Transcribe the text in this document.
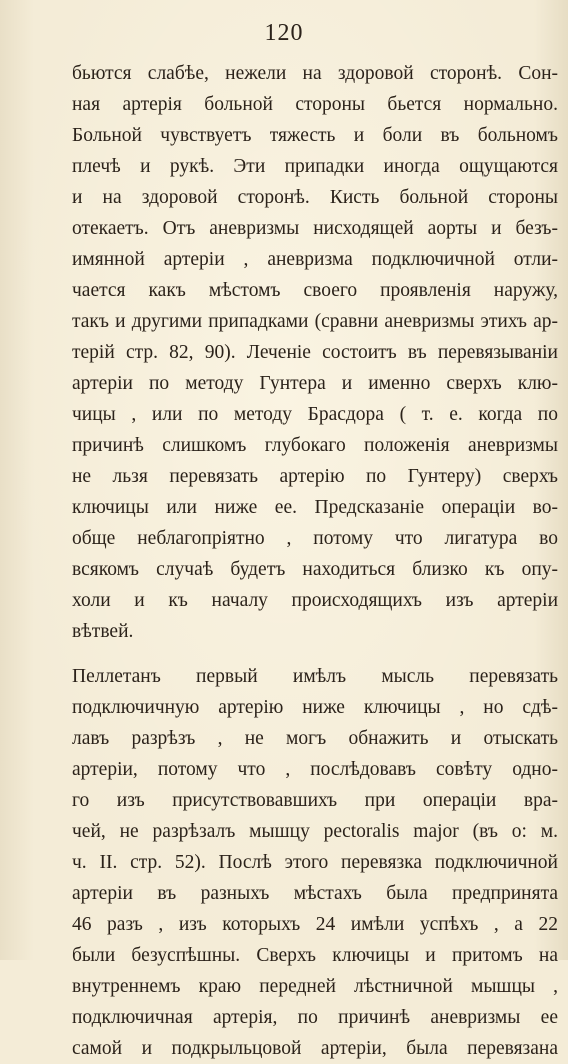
120
бьются слабѣе, нежели на здоровой сторонѣ. Сон-
ная артерія больной стороны бьется нормально.
Больной чувствуетъ тяжесть и боли въ больномъ
плечѣ и рукѣ. Эти припадки иногда ощущаются
и на здоровой сторонѣ. Кисть больной стороны
отекаетъ. Отъ аневризмы нисходящей аорты и безъ-
имянной артеріи , аневризма подключичной отли-
чается какъ мѣстомъ своего проявленія наружу,
такъ и другими припадками (сравни аневризмы этихъ ар-
терій стр. 82, 90). Леченіе состоитъ въ перевязываніи
артеріи по методу Гунтера и именно сверхъ клю-
чицы , или по методу Брасдора ( т. е. когда по
причинѣ слишкомъ глубокаго положенія аневризмы
не льзя перевязать артерію по Гунтеру) сверхъ
ключицы или ниже ее. Предсказаніе операціи во-
обще неблагопріятно , потому что лигатура во
всякомъ случаѣ будетъ находиться близко къ опу-
холи и къ началу происходящихъ изъ артеріи
вѣтвей.
Пеллетанъ первый имѣлъ мысль перевязать
подключичную артерію ниже ключицы , но сдѣ-
лавъ разрѣзъ , не могъ обнажить и отыскать
артеріи, потому что , послѣдовавъ совѣту одно-
го изъ присутствовавшихъ при операціи вра-
чей, не разрѣзалъ мышцу pectoralis major (въ о: м.
ч. II. стр. 52). Послѣ этого перевязка подключичной
артеріи въ разныхъ мѣстахъ была предпринята
46 разъ , изъ которыхъ 24 имѣли успѣхъ , а 22
были безуспѣшны. Сверхъ ключицы и притомъ на
внутреннемъ краю передней лѣстничной мышцы ,
подключичная артерія, по причинѣ аневризмы ее
самой и подкрыльцовой артеріи, была перевязана
